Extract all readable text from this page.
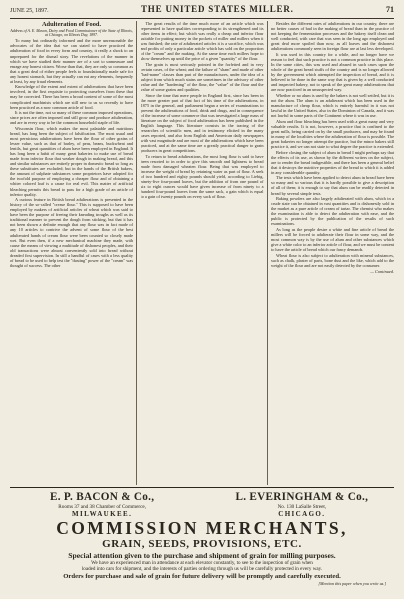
JUNE 25, 1897.	THE UNITED STATES MILLER.	71

Adulteration of Food.

Address of A. E. Mason, Dairy and Food Commissioner of the State of Illinois, at Chicago, on Illinois Day, 1897.

To many but ordinarily informed and the more unreasonable the advocates of the idea that we can stated to have practiced the adulteration of food in every form and country, it really a shock to an unprepared for the dismal story. The revelations of the manner in which we have studied their manner are of a sort to unmeasure and enrage any honest citizen. Worse than that, they are only so common as that a great deal of either people feels to foundationally made safe for any honest stomach, but they actually can eat any elements, frequently at least, by any fraud elements.

Knowledge of the extent and extent of adulterations that have been involved, in the first requisite to protecting ourselves from these that may be corrected. There has been a broad content of some of the most complicated machinists which are still new to us so recently to have been practiced as a now common article of food.

It is not the time, not so many of these common imposed operations, since prices are often imposed and still grow and produce adulteration, and are in every way to be the common household staple of life.

Wisconsin flour, which makes the most palatable and nutritious bread, has long been the subject of falsification. The most usual and most pernicious adulterations have been the flour of other grains of lesser value, such as that of barley, of peas, beans, buckwheat and lentils, but great quantities of alum have been employed in England. It has long been a habit of many great bakeries to make use of bread made from inferior flour that weaker dough in making bread, and this and similar substances are entirely proper in domestic bread so long as these substitutes are excluded; but in the hands of the British bakers, the amount of sulphate substances some proprietors have adopted for the twofold purpose of employing a cheaper flour and of obtaining a whiter colored loaf is a cause for real evil. This matter of artificial bleaching permits this bread to pass for a high grade of an article of inferior quality.

A curious feature in British bread adulterations is presented in the history of the so-called "crease flour." This is supposed to have been employed by makers of artificial articles of wheat which was said to have been the purpose of freeing their kneading troughs as well as its traditional manner to prevent the dough from sticking, but that it has not been shown a definite enough that any flour was in fact made of any 10 articles to contrive the advent of some flour of the best adulterated hands of cream flour were been counted so closely made wet. But even then, if a new mechanical machine they made, with cause the means of viewing a multitude of dishonest peoples, and their old transactions were almost conveniently sold into bread without dreaded first supervision. In still a handful of cases with a less quality of bread to be used to help test the "dusting" power of the "cream" was thought of success. The other

The great results of the time much more of an article which was represented to have qualities corresponding to its strengthened and its other items in effect; but which was really a cheap and inferior flour suitable for putting money in the pockets of miller and millers when it was finished; the rate of adulterated articles it is a sacrifice, which was and profits of only a particular article which has sold on the proportion of the "cream" and the making. At the same time each millers hope to show themselves up until the price of a given "quantity" of the flour.

The grain is most seriously pointed in the forfeited and in very certain cases, of the wheat; and the failure of "sham" and made of other "bad-name" classes than part of the manufactures, under the idea of a subject from which much stains are sometimes in the advisory of other value and the "hardening" of the flour, the "value" of the flour and the value of some grains and qualities.

Since the time that mere people in England first, since has been in the more greater part of that fact of his time of the adulterations, in 1875 in the general, and parliament began a series of examinations to prevent the adulterations of food, drink and drugs, and in consequence of the increase of some commerce that was investigated a large mass of literature on the subject of food adulteration has been published in the English language. This literature consists in the tracing of the researches of scientific men, and in testimony elicited in the many cases reported, and also from English and American daily newspapers with vast magnitude and are most of the adulterations which have been practiced, and at the same time are a greatly practical danger to grain producers in great competitions.

To return to bread adulterations, the most long flour is said to have been resorted to in order to give this smooth and lightness to bread made from damaged wheaten flour. Being that was employed to increase the weight of bread by retaining water as part of flour. A seek of two hundred and eighty pounds should yield, according to Liebig, ninety-five four-pound loaves, but the addition of from one pound of six to eight ounces would have given increase of from ninety to a hundred four-pound loaves from the same sack, a gain which is equal to a gain of twenty pounds on every sack of flour.

Besides the different rates of adulterations in our country, there are no better causes of bad in the making of bread than in the practice of not keeping the fermentation processes and the bakery itself clean and well conducted, with care that was seen in the long ago employed and great deal more spoiled than now, as all loaves and the dishonest adulterations commonly seen in foreign flour are at last less developed.

It was used in this country for a while, and no longer have we reason to feel that such practice is not a common practice in this place. In the same cities, this was used and abused in such cases upon the whole of the great bread stuffs of the country and is no longer allowed by the government which attempted the inspection of bread, and it is believed to be done in the same way that is given by a well conducted and inspected bakery, not to speak of the great many adulterations that are now practiced in an unsuspected way.

Whether or no alum is used by the bakers is not well settled, but it is not the alum. The alum is an adulterant which has been used in the manufacture of cheap flour, which is entirely harmful in it was not lawful in the United States, also in the Dominion of Canada, and it was not lawful in some parts of the Continent where it was in use.

Alum and flour bleaching has been used with a great many and very valuable results. It is not, however, a practice that is confined to the great mills, being carried on by the small producers, and may be found in many of the localities where the adulteration of flour is possible. The great bakeries no longer attempt the practice, but the minor bakers still practice it, and we can not state to what degree the practice is extended.

Before closing the subject of alum in bread I might perhaps say that the effects of its use, as shown by the different writers on the subject, are to render the bread indigestible, and there has been a general belief that it destroys the nutritive properties of the bread to which it is added in any considerable quantity.

The tests which have been applied to detect alum in bread have been so many and so various that it is hardly possible to give a description of all of them; it is enough to say that alum can be readily detected in bread by several simple tests.

Baking powders are also largely adulterated with alum, which in a crude state can be obtained in vast quantities and is dishonestly sold in the market as a pure article of cream of tartar. The chemist who makes the examination is able to detect the adulteration with ease, and the public is protected by the publication of the results of such examinations.

As long as the people desire a white and fine article of bread the millers will be forced to adulterate their flour in some way, and the most common way is by the use of alum and other substances which give a white color to an inferior article of flour, and we must be content to have the article of bread which our fancy demands.

Wheat flour is also subject to adulteration with mineral substances, such as chalk, plaster of paris, bone dust and the like, which add to the weight of the flour and are not easily detected by the consumer.

— Continued.

E. P. BACON & Co.,
Rooms 37 and 38 Chamber of Commerce,
MILWAUKEE.
L. EVERINGHAM & Co.,
No. 130 LaSalle Street,
CHICAGO.
COMMISSION MERCHANTS,
GRAIN, SEEDS, PROVISIONS, ETC.
Special attention given to the purchase and shipment of grain for milling purposes.
We have an experienced man in attendance at each elevator constantly, to see to the inspection of grain when
loaded into cars for shipment, and the interests of parties ordering through us will be carefully protected in every way.
Orders for purchase and sale of grain for future delivery will be promptly and carefully executed.
[Mention this paper when you write us.]
